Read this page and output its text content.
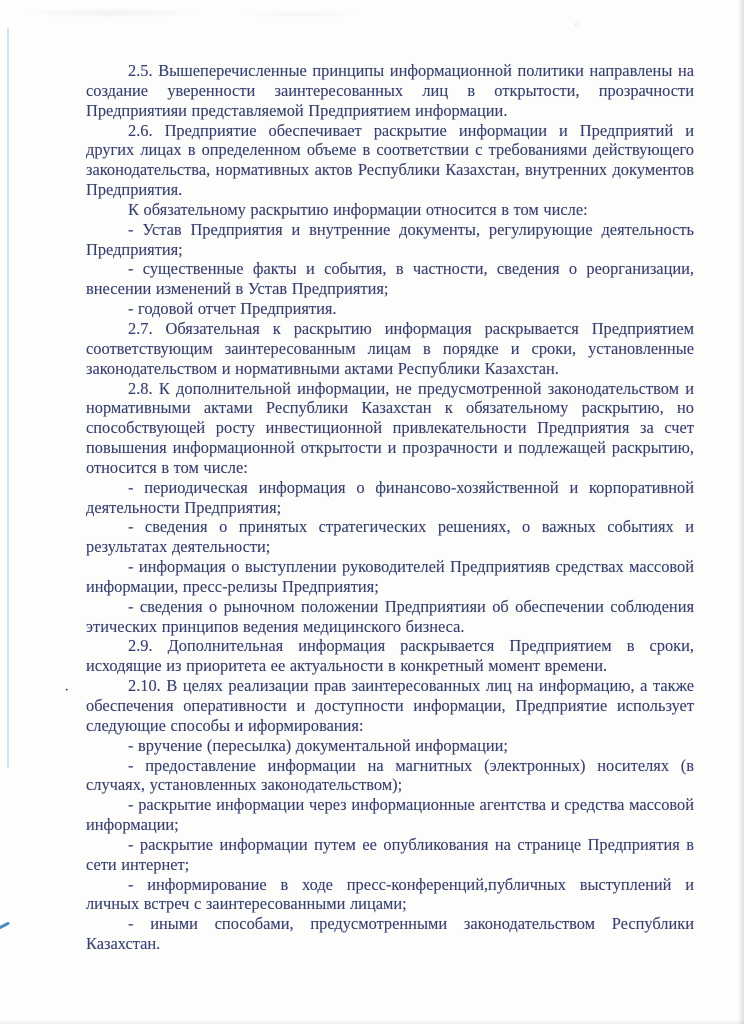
⁖
·

2.5. Вышеперечисленные принципы информационной политики направлены на создание уверенности заинтересованных лиц в открытости, прозрачности Предприятияи представляемой Предприятием информации.

2.6. Предприятие обеспечивает раскрытие информации и Предприятий и других лицах в определенном объеме в соответствии с требованиями действующего законодательства, нормативных актов Республики Казахстан, внутренних документов Предприятия.

К обязательному раскрытию информации относится в том числе:

- Устав Предприятия и внутренние документы, регулирующие деятельность Предприятия;

- существенные факты и события, в частности, сведения о реорганизации, внесении изменений в Устав Предприятия;

- годовой отчет Предприятия.

2.7. Обязательная к раскрытию информация раскрывается Предприятием соответствующим заинтересованным лицам в порядке и сроки, установленные законодательством и нормативными актами Республики Казахстан.

2.8. К дополнительной информации, не предусмотренной законодательством и нормативными актами Республики Казахстан к обязательному раскрытию, но способствующей росту инвестиционной привлекательности Предприятия за счет повышения информационной открытости и прозрачности и подлежащей раскрытию, относится в том числе:

- периодическая информация о финансово-хозяйственной и корпоративной деятельности Предприятия;

- сведения о принятых стратегических решениях, о важных событиях и результатах деятельности;

- информация о выступлении руководителей Предприятияв средствах массовой информации, пресс-релизы Предприятия;

- сведения о рыночном положении Предприятияи об обеспечении соблюдения этических принципов ведения медицинского бизнеса.

2.9. Дополнительная информация раскрывается Предприятием в сроки, исходящие из приоритета ее актуальности в конкретный момент времени.

2.10. В целях реализации прав заинтересованных лиц на информацию, а также обеспечения оперативности и доступности информации, Предприятие использует следующие способы и иформирования:

- вручение (пересылка) документальной информации;

- предоставление информации на магнитных (электронных) носителях (в случаях, установленных законодательством);

- раскрытие информации через информационные агентства и средства массовой информации;

- раскрытие информации путем ее опубликования на странице Предприятия в сети интернет;

- информирование в ходе пресс-конференций,публичных выступлений и личных встреч с заинтересованными лицами;

- иными способами, предусмотренными законодательством Республики Казахстан.
